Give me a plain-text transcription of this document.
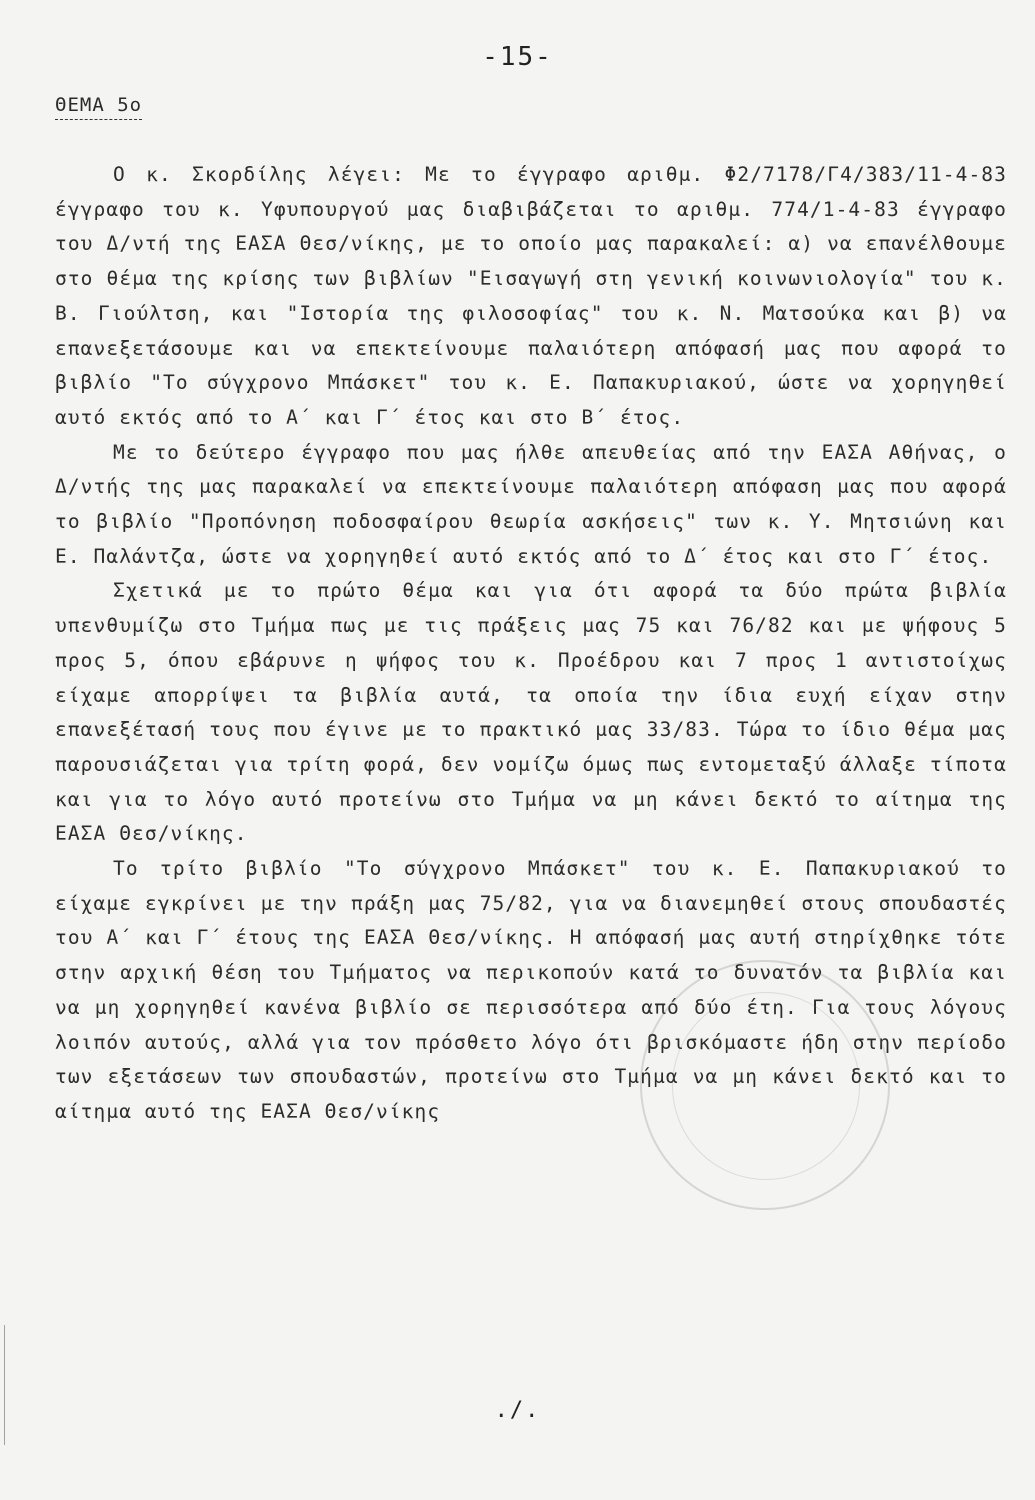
-15-
ΘΕΜΑ 5ο

Ο κ. Σκορδίλης λέγει: Με το έγγραφο αριθμ. Φ2/7178/Γ4/383/11-4-83 έγγραφο του κ. Υφυπουργού μας διαβιβάζεται το αριθμ. 774/1-4-83 έγγραφο του Δ/ντή της ΕΑΣΑ Θεσ/νίκης, με το οποίο μας παρακαλεί: α) να επανέλθουμε στο θέμα της κρίσης των βιβλίων "Εισαγωγή στη γενική κοινωνιολογία" του κ. Β. Γιούλτση, και "Ιστορία της φιλοσοφίας" του κ. Ν. Ματσούκα και β) να επανεξετάσουμε και να επεκτείνουμε παλαιότερη απόφασή μας που αφορά το βιβλίο "Το σύγχρονο Μπάσκετ" του κ. Ε. Παπακυριακού, ώστε να χορηγηθεί αυτό εκτός από το Α΄ και Γ΄ έτος και στο Β΄ έτος.

Με το δεύτερο έγγραφο που μας ήλθε απευθείας από την ΕΑΣΑ Αθήνας, ο Δ/ντής της μας παρακαλεί να επεκτείνουμε παλαιότερη απόφαση μας που αφορά το βιβλίο "Προπόνηση ποδοσφαίρου θεωρία ασκήσεις" των κ. Υ. Μητσιώνη και Ε. Παλάντζα, ώστε να χορηγηθεί αυτό εκτός από το Δ΄ έτος και στο Γ΄ έτος.

Σχετικά με το πρώτο θέμα και για ότι αφορά τα δύο πρώτα βιβλία υπενθυμίζω στο Τμήμα πως με τις πράξεις μας 75 και 76/82 και με ψήφους 5 προς 5, όπου εβάρυνε η ψήφος του κ. Προέδρου και 7 προς 1 αντιστοίχως είχαμε απορρίψει τα βιβλία αυτά, τα οποία την ίδια ευχή είχαν στην επανεξέτασή τους που έγινε με το πρακτικό μας 33/83. Τώρα το ίδιο θέμα μας παρουσιάζεται για τρίτη φορά, δεν νομίζω όμως πως εντομεταξύ άλλαξε τίποτα και για το λόγο αυτό προτείνω στο Τμήμα να μη κάνει δεκτό το αίτημα της ΕΑΣΑ Θεσ/νίκης.

Το τρίτο βιβλίο "Το σύγχρονο Μπάσκετ" του κ. Ε. Παπακυριακού το είχαμε εγκρίνει με την πράξη μας 75/82, για να διανεμηθεί στους σπουδαστές του Α΄ και Γ΄ έτους της ΕΑΣΑ Θεσ/νίκης. Η απόφασή μας αυτή στηρίχθηκε τότε στην αρχική θέση του Τμήματος να περικοπούν κατά το δυνατόν τα βιβλία και να μη χορηγηθεί κανένα βιβλίο σε περισσότερα από δύο έτη. Για τους λόγους λοιπόν αυτούς, αλλά για τον πρόσθετο λόγο ότι βρισκόμαστε ήδη στην περίοδο των εξετάσεων των σπουδαστών, προτείνω στο Τμήμα να μη κάνει δεκτό και το αίτημα αυτό της ΕΑΣΑ Θεσ/νίκης

./.
